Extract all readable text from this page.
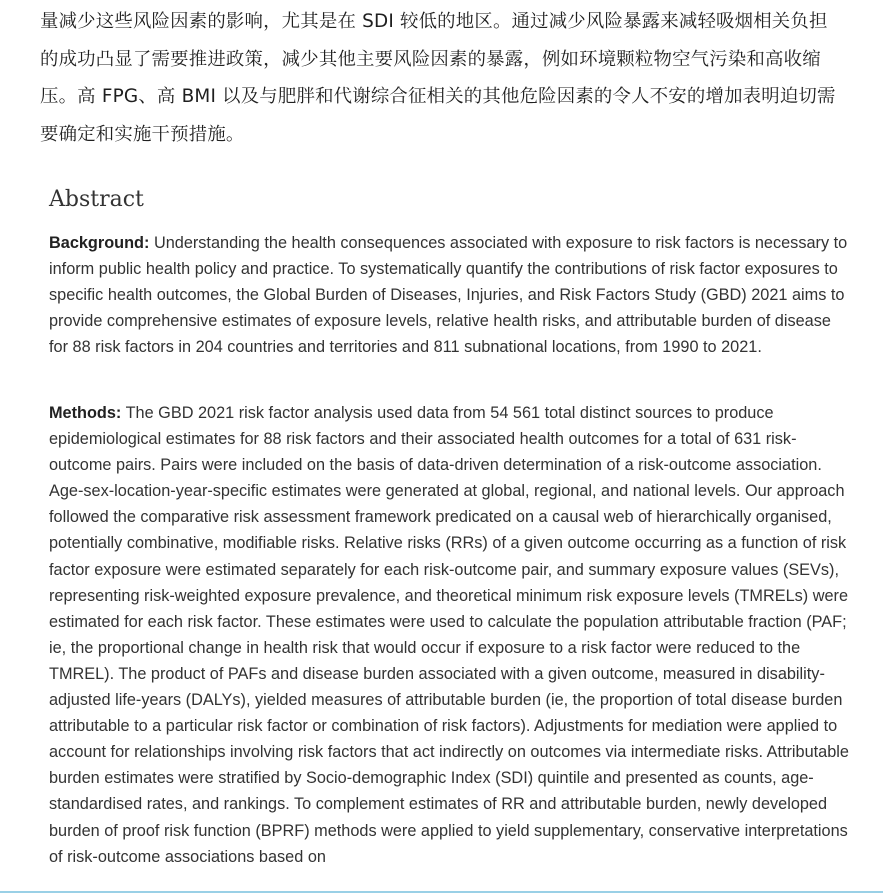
量减少这些风险因素的影响，尤其是在 SDI 较低的地区。通过减少风险暴露来减轻吸烟相关负担的成功凸显了需要推进政策，减少其他主要风险因素的暴露，例如环境颗粒物空气污染和高收缩压。高 FPG、高 BMI 以及与肥胖和代谢综合征相关的其他危险因素的令人不安的增加表明迫切需要确定和实施干预措施。
Abstract

Background: Understanding the health consequences associated with exposure to risk factors is necessary to inform public health policy and practice. To systematically quantify the contributions of risk factor exposures to specific health outcomes, the Global Burden of Diseases, Injuries, and Risk Factors Study (GBD) 2021 aims to provide comprehensive estimates of exposure levels, relative health risks, and attributable burden of disease for 88 risk factors in 204 countries and territories and 811 subnational locations, from 1990 to 2021.

Methods: The GBD 2021 risk factor analysis used data from 54 561 total distinct sources to produce epidemiological estimates for 88 risk factors and their associated health outcomes for a total of 631 risk-outcome pairs. Pairs were included on the basis of data-driven determination of a risk-outcome association. Age-sex-location-year-specific estimates were generated at global, regional, and national levels. Our approach followed the comparative risk assessment framework predicated on a causal web of hierarchically organised, potentially combinative, modifiable risks. Relative risks (RRs) of a given outcome occurring as a function of risk factor exposure were estimated separately for each risk-outcome pair, and summary exposure values (SEVs), representing risk-weighted exposure prevalence, and theoretical minimum risk exposure levels (TMRELs) were estimated for each risk factor. These estimates were used to calculate the population attributable fraction (PAF; ie, the proportional change in health risk that would occur if exposure to a risk factor were reduced to the TMREL). The product of PAFs and disease burden associated with a given outcome, measured in disability-adjusted life-years (DALYs), yielded measures of attributable burden (ie, the proportion of total disease burden attributable to a particular risk factor or combination of risk factors). Adjustments for mediation were applied to account for relationships involving risk factors that act indirectly on outcomes via intermediate risks. Attributable burden estimates were stratified by Socio-demographic Index (SDI) quintile and presented as counts, age-standardised rates, and rankings. To complement estimates of RR and attributable burden, newly developed burden of proof risk function (BPRF) methods were applied to yield supplementary, conservative interpretations of risk-outcome associations based on
